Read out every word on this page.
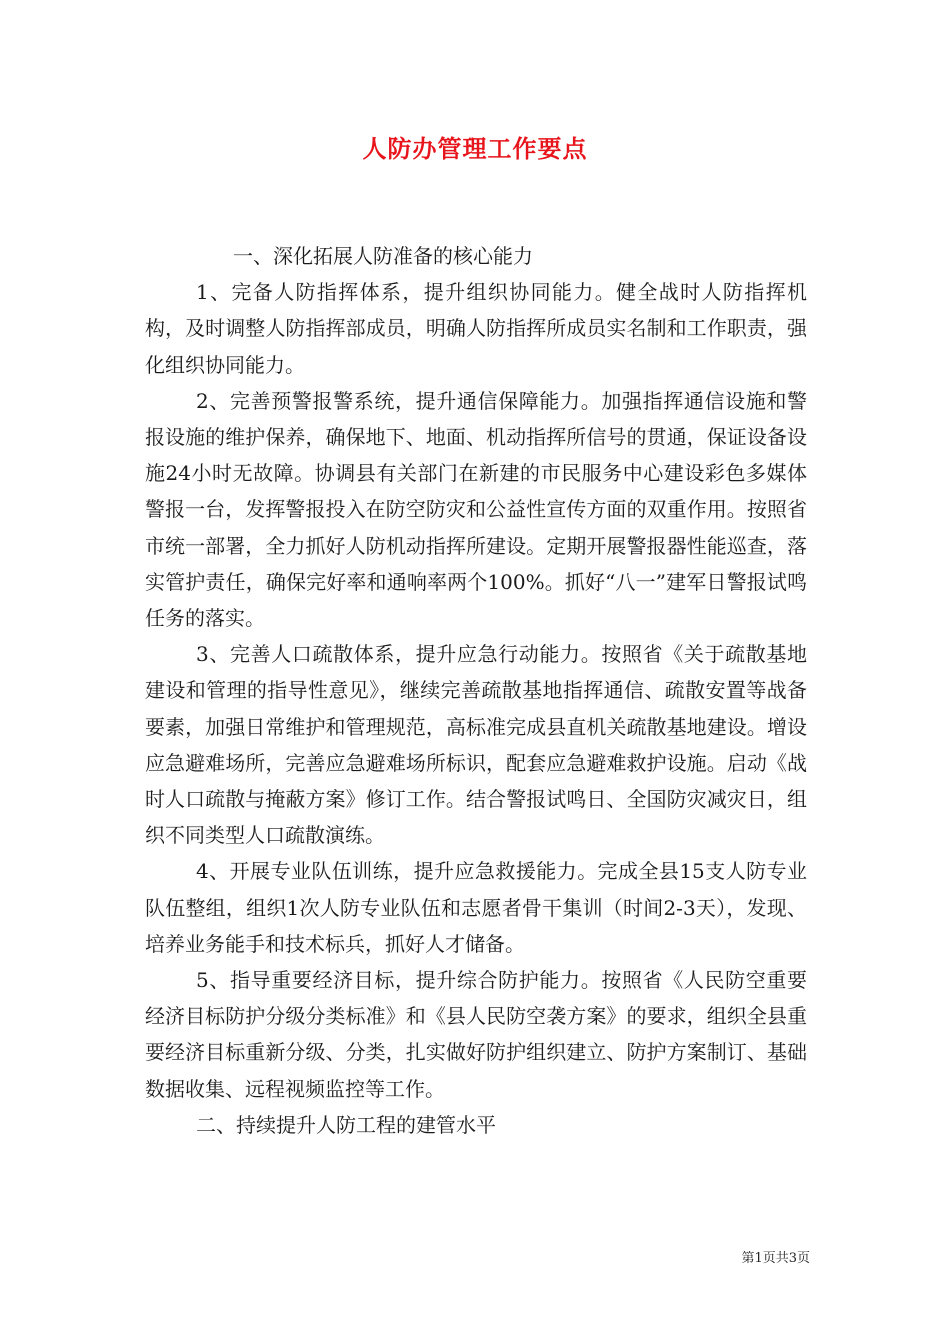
人防办管理工作要点

一、深化拓展人防准备的核心能力

1、完备人防指挥体系，提升组织协同能力。健全战时人防指挥机构，及时调整人防指挥部成员，明确人防指挥所成员实名制和工作职责，强化组织协同能力。

2、完善预警报警系统，提升通信保障能力。加强指挥通信设施和警报设施的维护保养，确保地下、地面、机动指挥所信号的贯通，保证设备设施24小时无故障。协调县有关部门在新建的市民服务中心建设彩色多媒体警报一台，发挥警报投入在防空防灾和公益性宣传方面的双重作用。按照省市统一部署，全力抓好人防机动指挥所建设。定期开展警报器性能巡查，落实管护责任，确保完好率和通响率两个100%。抓好“八一”建军日警报试鸣任务的落实。

3、完善人口疏散体系，提升应急行动能力。按照省《关于疏散基地建设和管理的指导性意见》，继续完善疏散基地指挥通信、疏散安置等战备要素，加强日常维护和管理规范，高标准完成县直机关疏散基地建设。增设应急避难场所，完善应急避难场所标识，配套应急避难救护设施。启动《战时人口疏散与掩蔽方案》修订工作。结合警报试鸣日、全国防灾减灾日，组织不同类型人口疏散演练。

4、开展专业队伍训练，提升应急救援能力。完成全县15支人防专业队伍整组，组织1次人防专业队伍和志愿者骨干集训（时间2-3天），发现、培养业务能手和技术标兵，抓好人才储备。

5、指导重要经济目标，提升综合防护能力。按照省《人民防空重要经济目标防护分级分类标准》和《县人民防空袭方案》的要求，组织全县重要经济目标重新分级、分类，扎实做好防护组织建立、防护方案制订、基础数据收集、远程视频监控等工作。

二、持续提升人防工程的建管水平

第1页共3页
